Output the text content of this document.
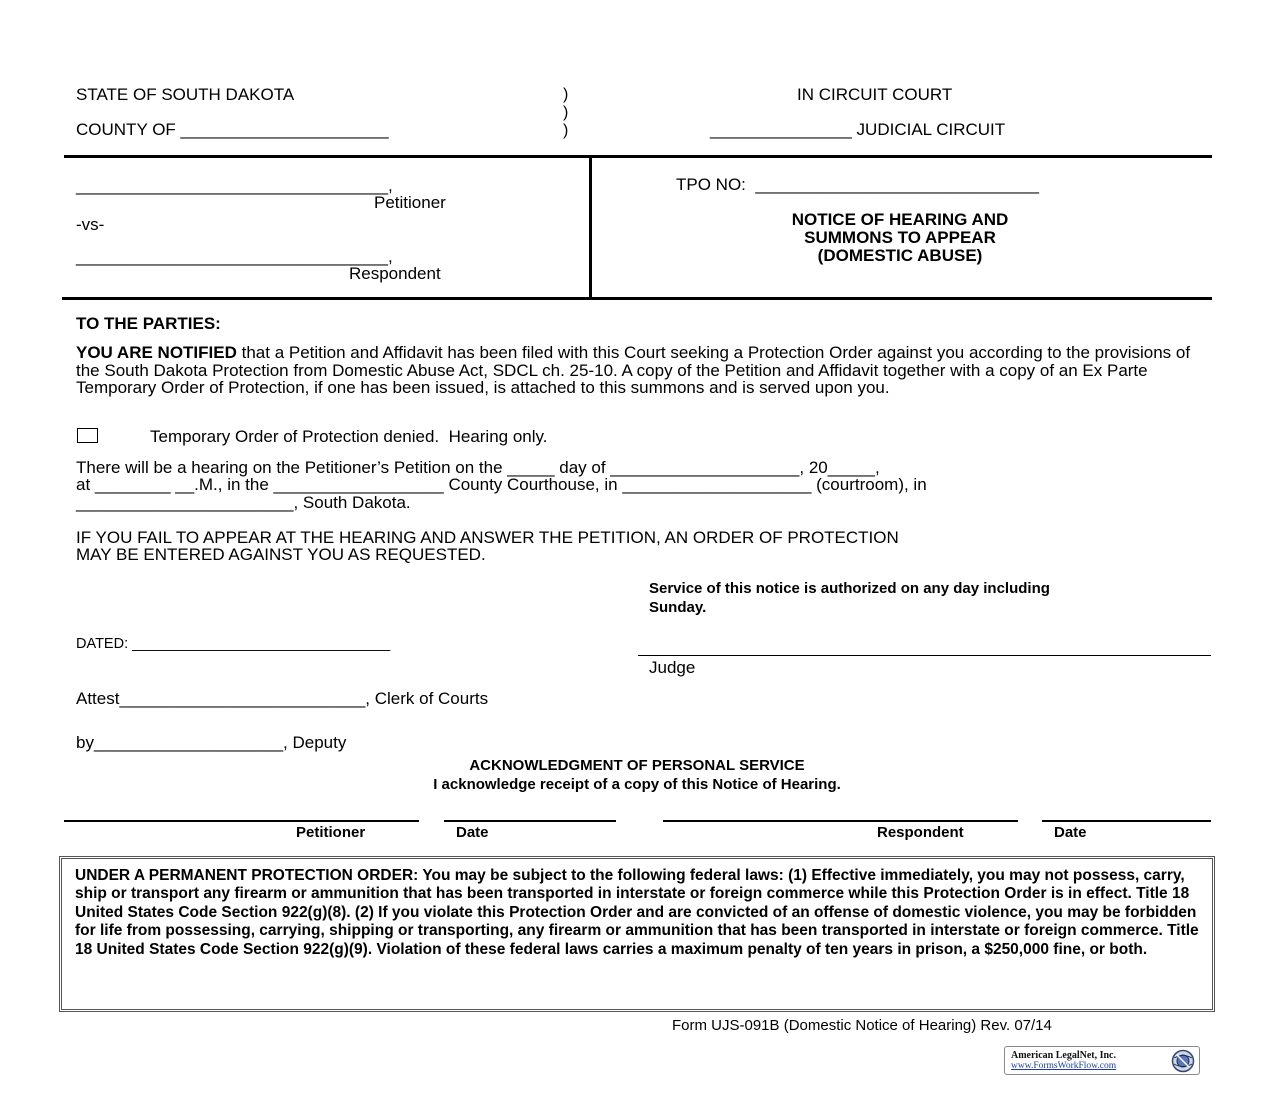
STATE OF SOUTH DAKOTA
COUNTY OF ______________________
)
)
)
IN CIRCUIT COURT
_______________ JUDICIAL CIRCUIT
_________________________________,
Petitioner
-vs-
_________________________________,
Respondent
TPO NO:  ______________________________
NOTICE OF HEARING AND
SUMMONS TO APPEAR
(DOMESTIC ABUSE)
TO THE PARTIES:
YOU ARE NOTIFIED that a Petition and Affidavit has been filed with this Court seeking a Protection Order against you according to the provisions of the South Dakota Protection from Domestic Abuse Act, SDCL ch. 25-10. A copy of the Petition and Affidavit together with a copy of an Ex Parte Temporary Order of Protection, if one has been issued, is attached to this summons and is served upon you.
Temporary Order of Protection denied.  Hearing only.
There will be a hearing on the Petitioner’s Petition on the _____ day of ____________________, 20_____,
at ________ __.M., in the __________________ County Courthouse, in ____________________ (courtroom), in
_______________________, South Dakota.
IF YOU FAIL TO APPEAR AT THE HEARING AND ANSWER THE PETITION, AN ORDER OF PROTECTION
MAY BE ENTERED AGAINST YOU AS REQUESTED.
Service of this notice is authorized on any day including
Sunday.
DATED: ________________________________
Judge
Attest__________________________, Clerk of Courts
by____________________, Deputy
ACKNOWLEDGMENT OF PERSONAL SERVICE
I acknowledge receipt of a copy of this Notice of Hearing.
Petitioner	Date	Respondent	Date
UNDER A PERMANENT PROTECTION ORDER: You may be subject to the following federal laws: (1) Effective immediately, you may not possess, carry, ship or transport any firearm or ammunition that has been transported in interstate or foreign commerce while this Protection Order is in effect. Title 18 United States Code Section 922(g)(8). (2) If you violate this Protection Order and are convicted of an offense of domestic violence, you may be forbidden for life from possessing, carrying, shipping or transporting, any firearm or ammunition that has been transported in interstate or foreign commerce. Title 18 United States Code Section 922(g)(9). Violation of these federal laws carries a maximum penalty of ten years in prison, a $250,000 fine, or both.
Form UJS-091B (Domestic Notice of Hearing) Rev. 07/14
American LegalNet, Inc.
www.FormsWorkFlow.com
